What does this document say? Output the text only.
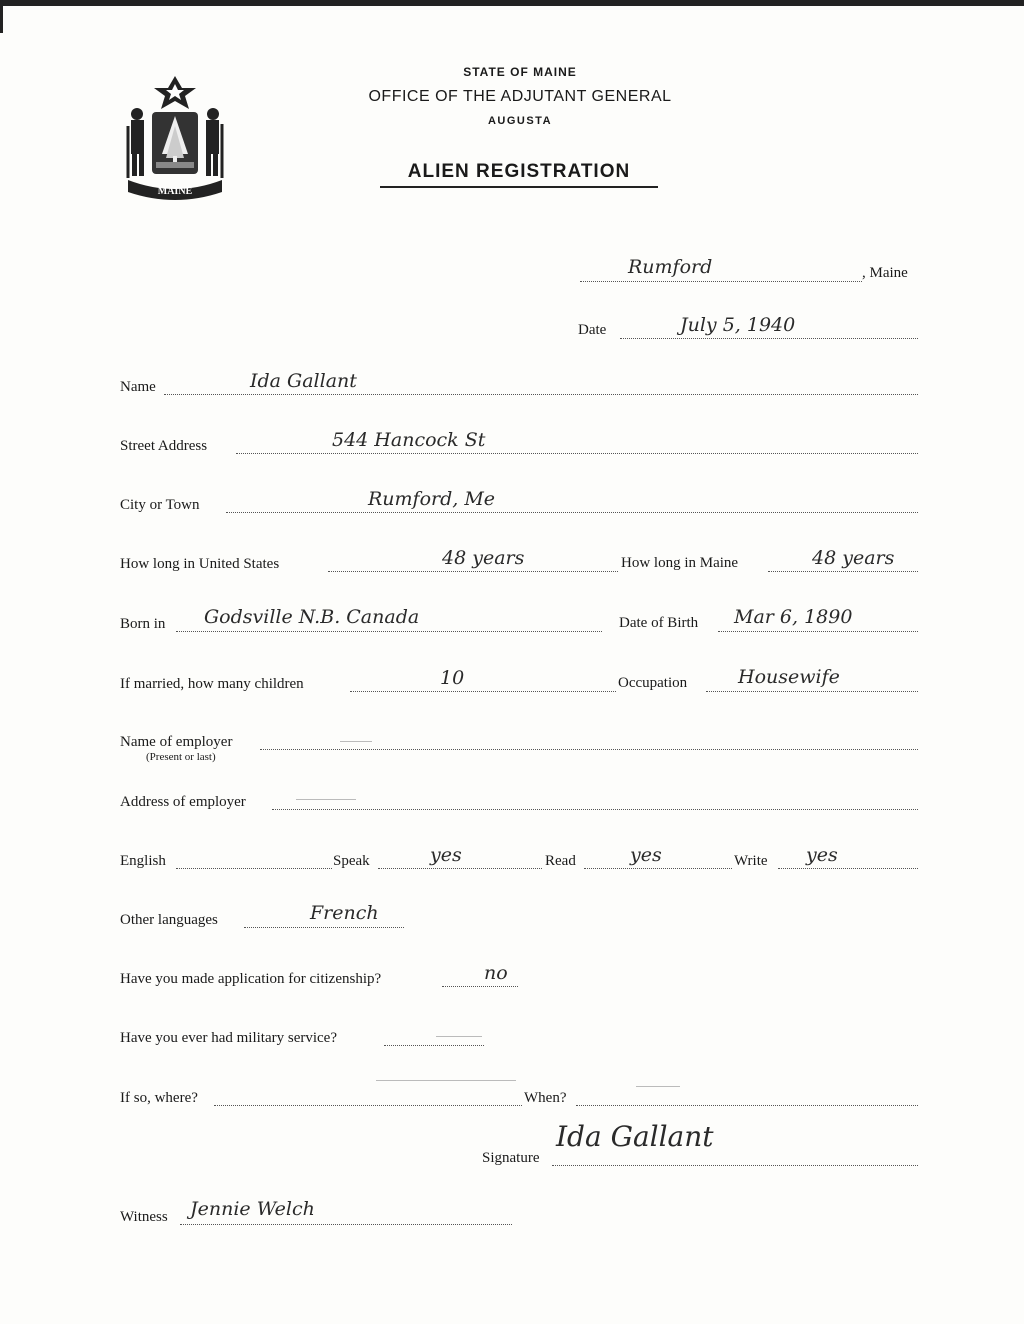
MAINE
STATE OF MAINE
OFFICE OF THE ADJUTANT GENERAL
AUGUSTA
ALIEN REGISTRATION
Rumford	, Maine
Date	July 5, 1940
Name	Ida Gallant
Street Address	544 Hancock St
City or Town	Rumford, Me
How long in United States	48 years	How long in Maine	48 years
Born in Godsville N.B. Canada	Date of Birth Mar 6, 1890
If married, how many children	10	Occupation	Housewife
Name of employer
(Present or last)
Address of employer
English	Speak	yes	Read	yes	Write yes
Other languages	French
Have you made application for citizenship?	no
Have you ever had military service?
If so, where?	When?
Signature
Ida Gallant
Witness Jennie Welch
